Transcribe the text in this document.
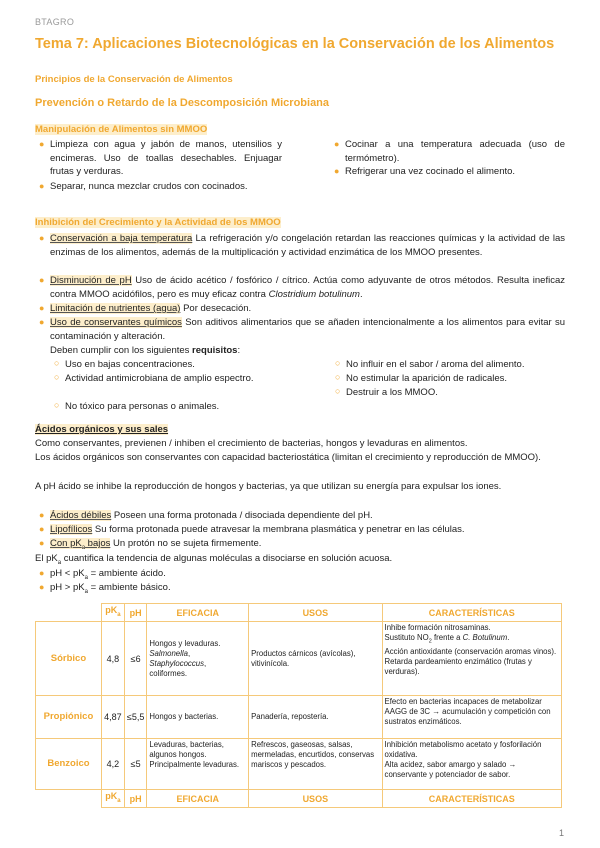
BTAGRO
Tema 7: Aplicaciones Biotecnológicas en la Conservación de los Alimentos
Principios de la Conservación de Alimentos
Prevención o Retardo de la Descomposición Microbiana
Manipulación de Alimentos sin MMOO
● Limpieza con agua y jabón de manos, utensilios y encimeras. Uso de toallas desechables. Enjuagar frutas y verduras.
● Separar, nunca mezclar crudos con cocinados.
● Cocinar a una temperatura adecuada (uso de termómetro).
● Refrigerar una vez cocinado el alimento.
Inhibición del Crecimiento y la Actividad de los MMOO
● Conservación a baja temperatura La refrigeración y/o congelación retardan las reacciones químicas y la actividad de las enzimas de los alimentos, además de la multiplicación y actividad enzimática de los MMOO presentes.
● Disminución de pH Uso de ácido acético / fosfórico / cítrico. Actúa como adyuvante de otros métodos. Resulta ineficaz contra MMOO acidófilos, pero es muy eficaz contra Clostridium botulinum.
● Limitación de nutrientes (agua) Por desecación.
● Uso de conservantes químicos Son aditivos alimentarios que se añaden intencionalmente a los alimentos para evitar su contaminación y alteración.
Deben cumplir con los siguientes requisitos:
○ Uso en bajas concentraciones.
○ Actividad antimicrobiana de amplio espectro.
○ No tóxico para personas o animales.
○ No influir en el sabor / aroma del alimento.
○ No estimular la aparición de radicales.
○ Destruir a los MMOO.
Ácidos orgánicos y sus sales
Como conservantes, previenen / inhiben el crecimiento de bacterias, hongos y levaduras en alimentos.
Los ácidos orgánicos son conservantes con capacidad bacteriostática (limitan el crecimiento y reproducción de MMOO).
A pH ácido se inhibe la reproducción de hongos y bacterias, ya que utilizan su energía para expulsar los iones.
● Ácidos débiles Poseen una forma protonada / disociada dependiente del pH.
● Lipofílicos Su forma protonada puede atravesar la membrana plasmática y penetrar en las células.
● Con $pK_a$ bajos Un protón no se sujeta firmemente.
El $pK_a$ cuantifica la tendencia de algunas moléculas a disociarse en solución acuosa.
● pH < $pK_a$ = ambiente ácido.
● pH > $pK_a$ = ambiente básico.
	$pK_a$	pH	EFICACIA	USOS	CARACTERÍSTICAS
Sórbico	4,8	≤6	Hongos y levaduras.
Salmonella,
Staphylococcus,
coliformes.	Productos cárnicos (avícolas), vitivinícola.	Inhibe formación nitrosaminas.
Sustituto $NO_2$ frente a C. Botulinum.
Acción antioxidante (conservación aromas vinos).
Retarda pardeamiento enzimático (frutas y verduras).
Propiónico	4,87	≤5,5	Hongos y bacterias.	Panadería, repostería.	Efecto en bacterias incapaces de metabolizar AAGG de 3C → acumulación y competición con sustratos enzimáticos.
Benzoico	4,2	≤5	Levaduras, bacterias, algunos hongos. Principalmente levaduras.	Refrescos, gaseosas, salsas, mermeladas, encurtidos, conservas mariscos y pescados.	Inhibición metabolismo acetato y fosforilación oxidativa.
Alta acidez, sabor amargo y salado → conservante y potenciador de sabor.
	$pK_a$	pH	EFICACIA	USOS	CARACTERÍSTICAS
1
